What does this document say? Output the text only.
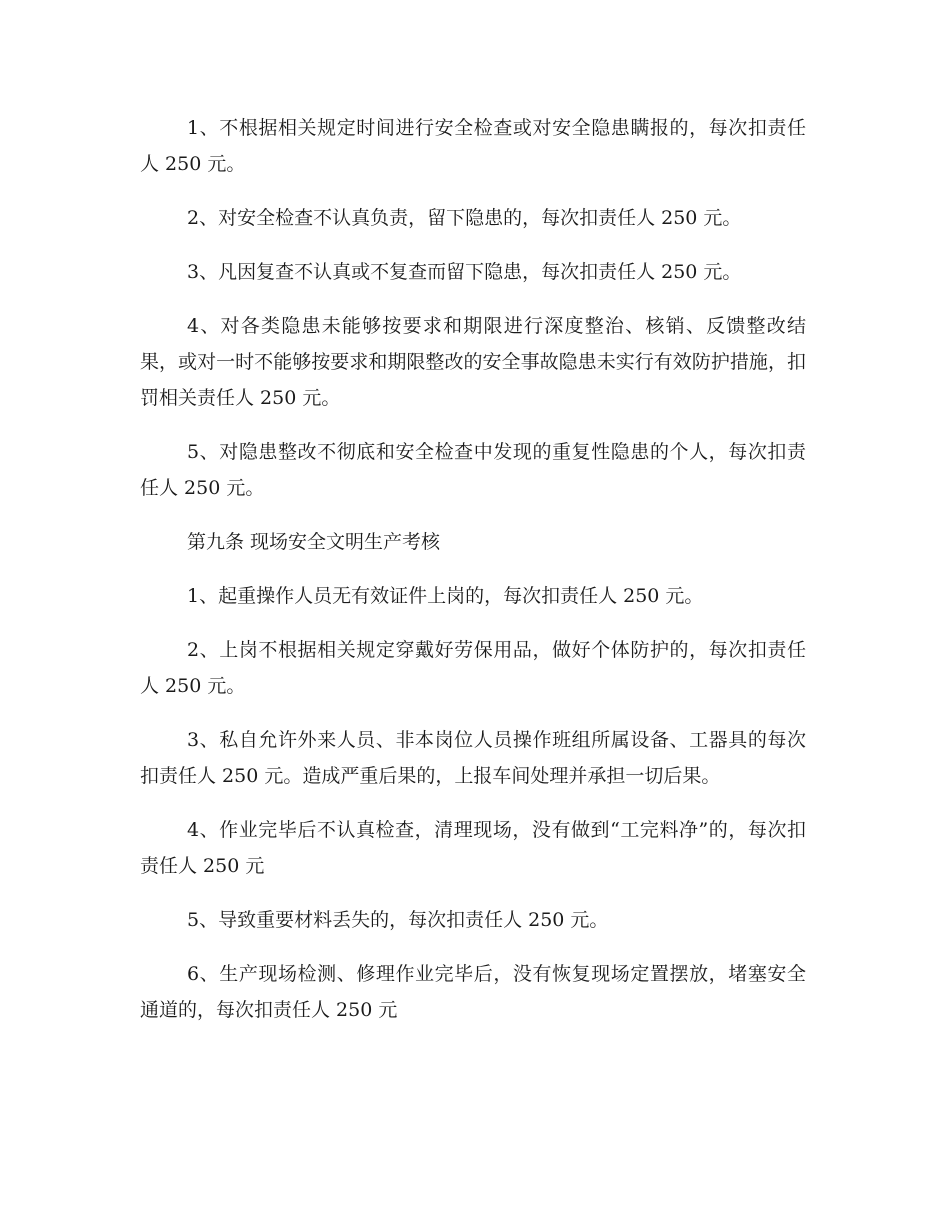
1、不根据相关规定时间进行安全检查或对安全隐患瞒报的，每次扣责任人 250 元。

2、对安全检查不认真负责，留下隐患的，每次扣责任人 250 元。

3、凡因复查不认真或不复查而留下隐患，每次扣责任人 250 元。

4、对各类隐患未能够按要求和期限进行深度整治、核销、反馈整改结果，或对一时不能够按要求和期限整改的安全事故隐患未实行有效防护措施，扣罚相关责任人 250 元。

5、对隐患整改不彻底和安全检查中发现的重复性隐患的个人，每次扣责任人 250 元。

第九条 现场安全文明生产考核

1、起重操作人员无有效证件上岗的，每次扣责任人 250 元。

2、上岗不根据相关规定穿戴好劳保用品，做好个体防护的，每次扣责任人 250 元。

3、私自允许外来人员、非本岗位人员操作班组所属设备、工器具的每次扣责任人 250 元。造成严重后果的，上报车间处理并承担一切后果。

4、作业完毕后不认真检查，清理现场，没有做到“工完料净”的，每次扣责任人 250 元

5、导致重要材料丢失的，每次扣责任人 250 元。

6、生产现场检测、修理作业完毕后，没有恢复现场定置摆放，堵塞安全通道的，每次扣责任人 250 元
